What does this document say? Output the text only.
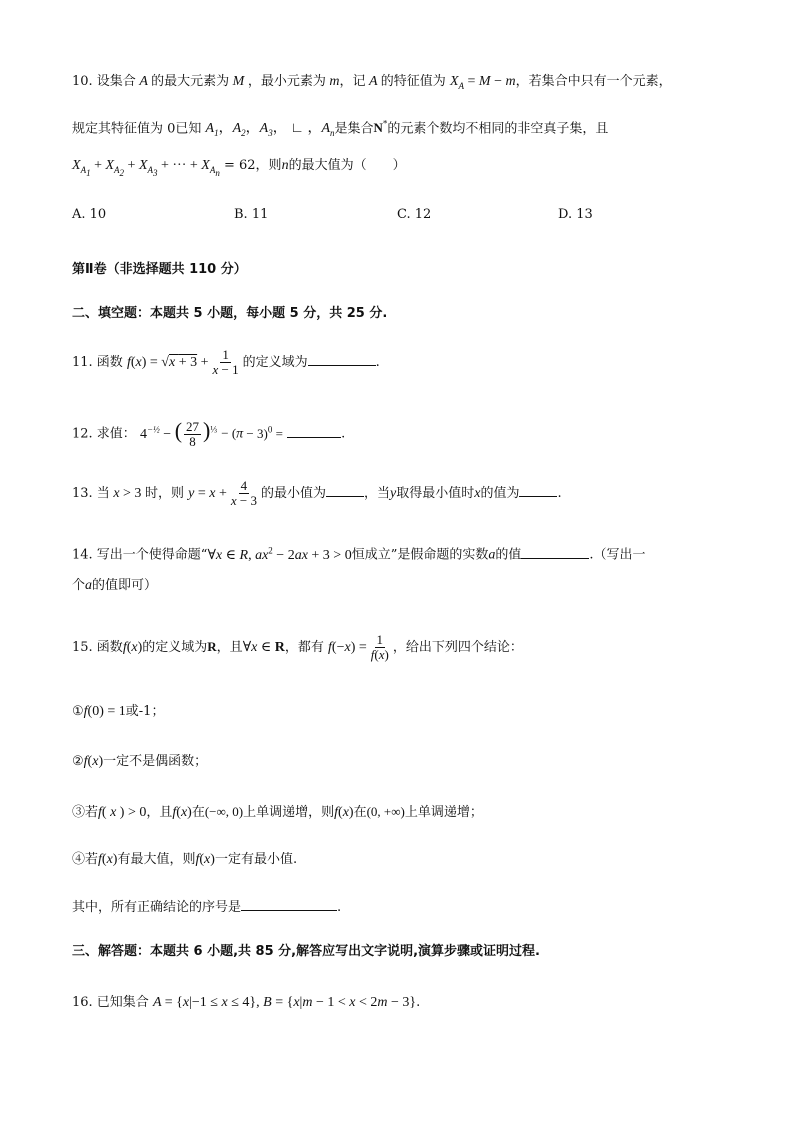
10. 设集合 A 的最大元素为 M ，最小元素为 m，记 A 的特征值为 $X_A = M - m$，若集合中只有一个元素，
规定其特征值为 0已知 $A_1$，$A_2$，$A_3$， ∟ ，$A_n$是集合N*的元素个数均不相同的非空真子集，且
$X_{A_1} + X_{A_2} + X_{A_3}$ + ··· + $X_{A_n} = 62$，则n的最大值为（　　）
A. 10	B. 11	C. 12	D. 13
第Ⅱ卷（非选择题共 110 分）
二、填空题：本题共 5 小题，每小题 5 分，共 25 分.
11. 函数 $f(x) = √x + 3 + \frac{1}{x - 1}$ 的定义域为	.
12. 求值： $4^{-\frac{1}{2}}$ − ( $\frac{27}{8} )^{\frac{1}{3}} - (\pi - 3)^0$ =	.
13. 当 x > 3 时，则 $y = x + \frac{4}{x - 3}$ 的最小值为	，当y取得最小值时x的值为	.
14. 写出一个使得命题“∀x ∈ R, $ax^2 - 2ax + 3 > 0$恒成立”是假命题的实数a的值	.（写出一
个a的值即可）
15. 函数f(x)的定义域为R，且∀x ∈ R，都有 $f(-x) = \frac{1}{f(x)}$ ，给出下列四个结论：
①f(0) = 1或-1；
②f(x)一定不是偶函数；
③若f( x ) > 0，且f(x)在(−∞, 0)上单调递增，则f(x)在(0, +∞)上单调递增；
④若f(x)有最大值，则f(x)一定有最小值.
其中，所有正确结论的序号是	.
三、解答题：本题共 6 小题,共 85 分,解答应写出文字说明,演算步骤或证明过程.
16. 已知集合 A = {x|−1 ≤ x ≤ 4}, B = {x|m − 1 < x < 2m − 3}.
